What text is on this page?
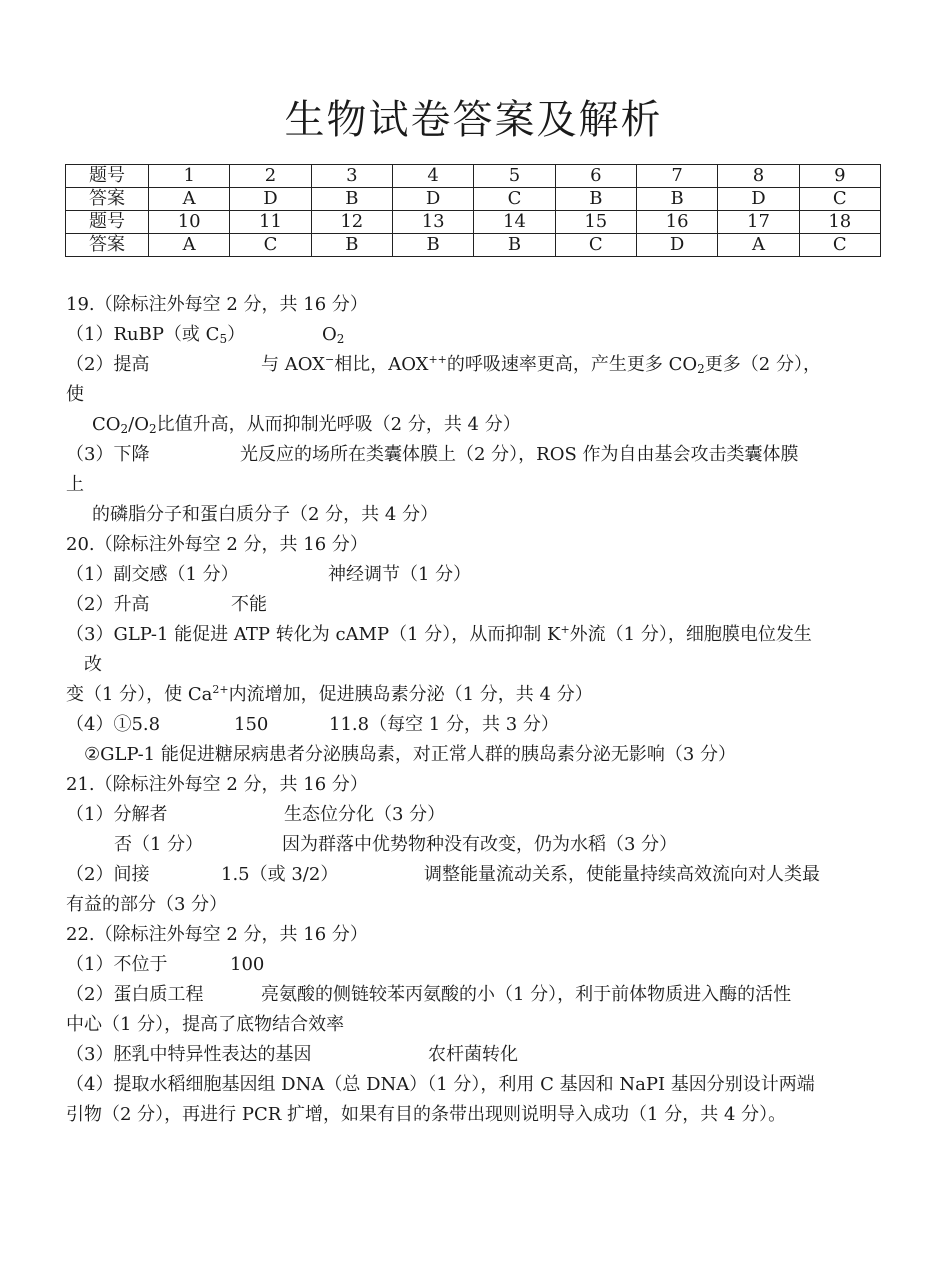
生物试卷答案及解析
题号	1	2	3	4	5	6	7	8	9
答案	A	D	B	D	C	B	B	D	C
题号	10	11	12	13	14	15	16	17	18
答案	A	C	B	B	B	C	D	A	C
19.（除标注外每空 2 分，共 16 分）
（1）RuBP（或 $C_5$）	$O_2$
（2）提高	与 AOX−相比，AOX++的呼吸速率更高，产生更多 $CO_2$更多（2 分），
使
$CO_2/O_2$比值升高，从而抑制光呼吸（2 分，共 4 分）
（3）下降	光反应的场所在类囊体膜上（2 分），ROS 作为自由基会攻击类囊体膜
上
的磷脂分子和蛋白质分子（2 分，共 4 分）
20.（除标注外每空 2 分，共 16 分）
（1）副交感（1 分）	神经调节（1 分）
（2）升高	不能
（3）GLP-1 能促进 ATP 转化为 cAMP（1 分），从而抑制 K+外流（1 分），细胞膜电位发生
改
变（1 分），使 $Ca^{2+}$内流增加，促进胰岛素分泌（1 分，共 4 分）
（4）①5.8	150	11.8（每空 1 分，共 3 分）
②GLP-1 能促进糖尿病患者分泌胰岛素，对正常人群的胰岛素分泌无影响（3 分）
21.（除标注外每空 2 分，共 16 分）
（1）分解者	生态位分化（3 分）
否（1 分）	因为群落中优势物种没有改变，仍为水稻（3 分）
（2）间接	1.5（或 3/2）	调整能量流动关系，使能量持续高效流向对人类最
有益的部分（3 分）
22.（除标注外每空 2 分，共 16 分）
（1）不位于	100
（2）蛋白质工程	亮氨酸的侧链较苯丙氨酸的小（1 分），利于前体物质进入酶的活性
中心（1 分），提高了底物结合效率
（3）胚乳中特异性表达的基因	农杆菌转化
（4）提取水稻细胞基因组 DNA（总 DNA）（1 分），利用 C 基因和 NaPI 基因分别设计两端
引物（2 分），再进行 PCR 扩增，如果有目的条带出现则说明导入成功（1 分，共 4 分）。
